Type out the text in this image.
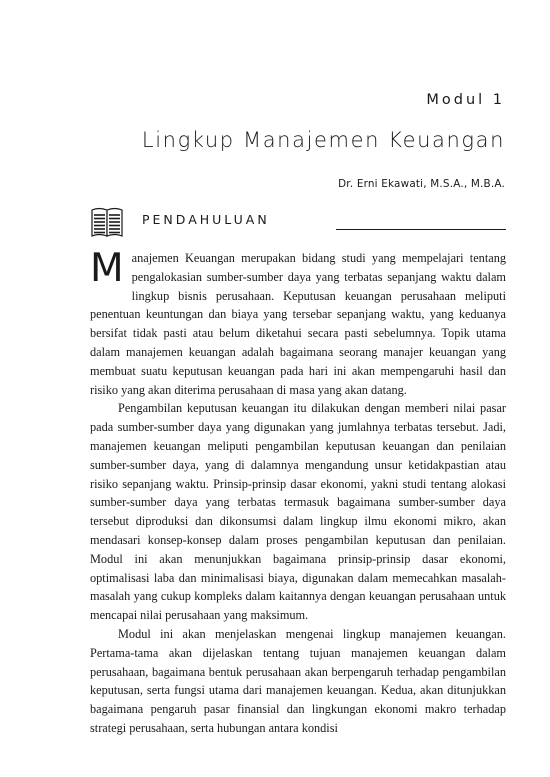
Modul 1
Lingkup Manajemen Keuangan
Dr. Erni Ekawati, M.S.A., M.B.A.
PENDAHULUAN

Manajemen Keuangan merupakan bidang studi yang mempelajari tentang pengalokasian sumber-sumber daya yang terbatas sepanjang waktu dalam lingkup bisnis perusahaan. Keputusan keuangan perusahaan meliputi penentuan keuntungan dan biaya yang tersebar sepanjang waktu, yang keduanya bersifat tidak pasti atau belum diketahui secara pasti sebelumnya. Topik utama dalam manajemen keuangan adalah bagaimana seorang manajer keuangan yang membuat suatu keputusan keuangan pada hari ini akan mempengaruhi hasil dan risiko yang akan diterima perusahaan di masa yang akan datang.

Pengambilan keputusan keuangan itu dilakukan dengan memberi nilai pasar pada sumber-sumber daya yang digunakan yang jumlahnya terbatas tersebut. Jadi, manajemen keuangan meliputi pengambilan keputusan keuangan dan penilaian sumber-sumber daya, yang di dalamnya mengandung unsur ketidakpastian atau risiko sepanjang waktu. Prinsip-prinsip dasar ekonomi, yakni studi tentang alokasi sumber-sumber daya yang terbatas termasuk bagaimana sumber-sumber daya tersebut diproduksi dan dikonsumsi dalam lingkup ilmu ekonomi mikro, akan mendasari konsep-konsep dalam proses pengambilan keputusan dan penilaian. Modul ini akan menunjukkan bagaimana prinsip-prinsip dasar ekonomi, optimalisasi laba dan minimalisasi biaya, digunakan dalam memecahkan masalah-masalah yang cukup kompleks dalam kaitannya dengan keuangan perusahaan untuk mencapai nilai perusahaan yang maksimum.

Modul ini akan menjelaskan mengenai lingkup manajemen keuangan. Pertama-tama akan dijelaskan tentang tujuan manajemen keuangan dalam perusahaan, bagaimana bentuk perusahaan akan berpengaruh terhadap pengambilan keputusan, serta fungsi utama dari manajemen keuangan. Kedua, akan ditunjukkan bagaimana pengaruh pasar finansial dan lingkungan ekonomi makro terhadap strategi perusahaan, serta hubungan antara kondisi
